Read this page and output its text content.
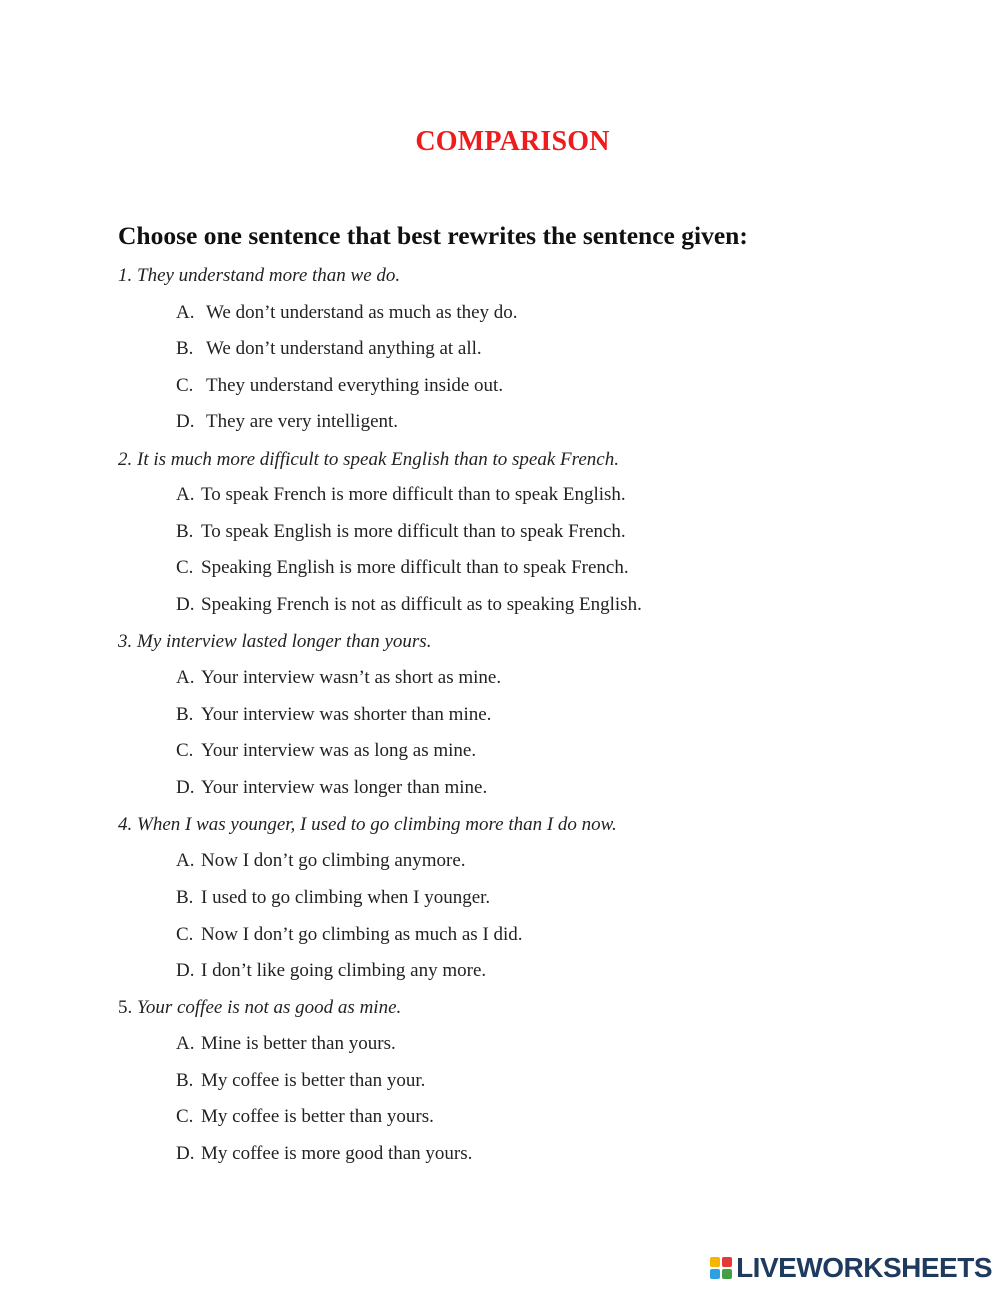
COMPARISON
Choose one sentence that best rewrites the sentence given:
1. They understand more than we do.
A. We don’t understand as much as they do.
B. We don’t understand anything at all.
C. They understand everything inside out.
D. They are very intelligent.
2. It is much more difficult to speak English than to speak French.
A. To speak French is more difficult than to speak English.
B. To speak English is more difficult than to speak French.
C. Speaking English is more difficult than to speak French.
D. Speaking French is not as difficult as to speaking English.
3. My interview lasted longer than yours.
A. Your interview wasn’t as short as mine.
B. Your interview was shorter than mine.
C. Your interview was as long as mine.
D. Your interview was longer than mine.
4. When I was younger, I used to go climbing more than I do now.
A. Now I don’t go climbing anymore.
B. I used to go climbing when I younger.
C. Now I don’t go climbing as much as I did.
D. I don’t like going climbing any more.
5. Your coffee is not as good as mine.
A. Mine is better than yours.
B. My coffee is better than your.
C. My coffee is better than yours.
D. My coffee is more good than yours.
LIVEWORKSHEETS
